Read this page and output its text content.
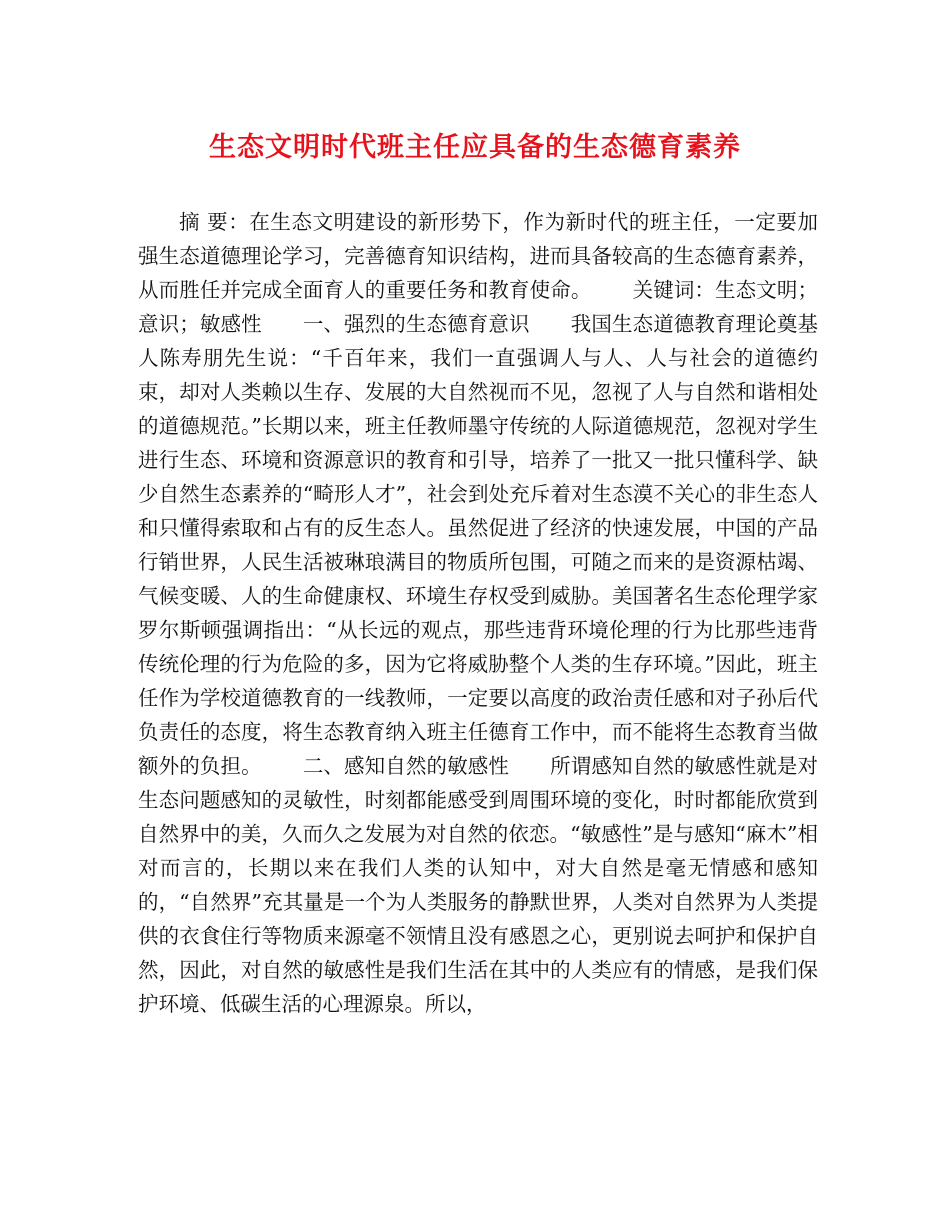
生态文明时代班主任应具备的生态德育素养

摘 要：在生态文明建设的新形势下，作为新时代的班主任，一定要加强生态道德理论学习，完善德育知识结构，进而具备较高的生态德育素养，从而胜任并完成全面育人的重要任务和教育使命。 关键词：生态文明；意识；敏感性 一、强烈的生态德育意识 我国生态道德教育理论奠基人陈寿朋先生说：“千百年来，我们一直强调人与人、人与社会的道德约束，却对人类赖以生存、发展的大自然视而不见，忽视了人与自然和谐相处的道德规范。”长期以来，班主任教师墨守传统的人际道德规范，忽视对学生进行生态、环境和资源意识的教育和引导，培养了一批又一批只懂科学、缺少自然生态素养的“畸形人才”，社会到处充斥着对生态漠不关心的非生态人和只懂得索取和占有的反生态人。虽然促进了经济的快速发展，中国的产品行销世界，人民生活被琳琅满目的物质所包围，可随之而来的是资源枯竭、气候变暖、人的生命健康权、环境生存权受到威胁。美国著名生态伦理学家罗尔斯顿强调指出：“从长远的观点，那些违背环境伦理的行为比那些违背传统伦理的行为危险的多，因为它将威胁整个人类的生存环境。”因此，班主任作为学校道德教育的一线教师，一定要以高度的政治责任感和对子孙后代负责任的态度，将生态教育纳入班主任德育工作中，而不能将生态教育当做额外的负担。 二、感知自然的敏感性 所谓感知自然的敏感性就是对生态问题感知的灵敏性，时刻都能感受到周围环境的变化，时时都能欣赏到自然界中的美，久而久之发展为对自然的依恋。“敏感性”是与感知“麻木”相对而言的，长期以来在我们人类的认知中，对大自然是毫无情感和感知的，“自然界”充其量是一个为人类服务的静默世界，人类对自然界为人类提供的衣食住行等物质来源毫不领情且没有感恩之心，更别说去呵护和保护自然，因此，对自然的敏感性是我们生活在其中的人类应有的情感，是我们保护环境、低碳生活的心理源泉。所以，
